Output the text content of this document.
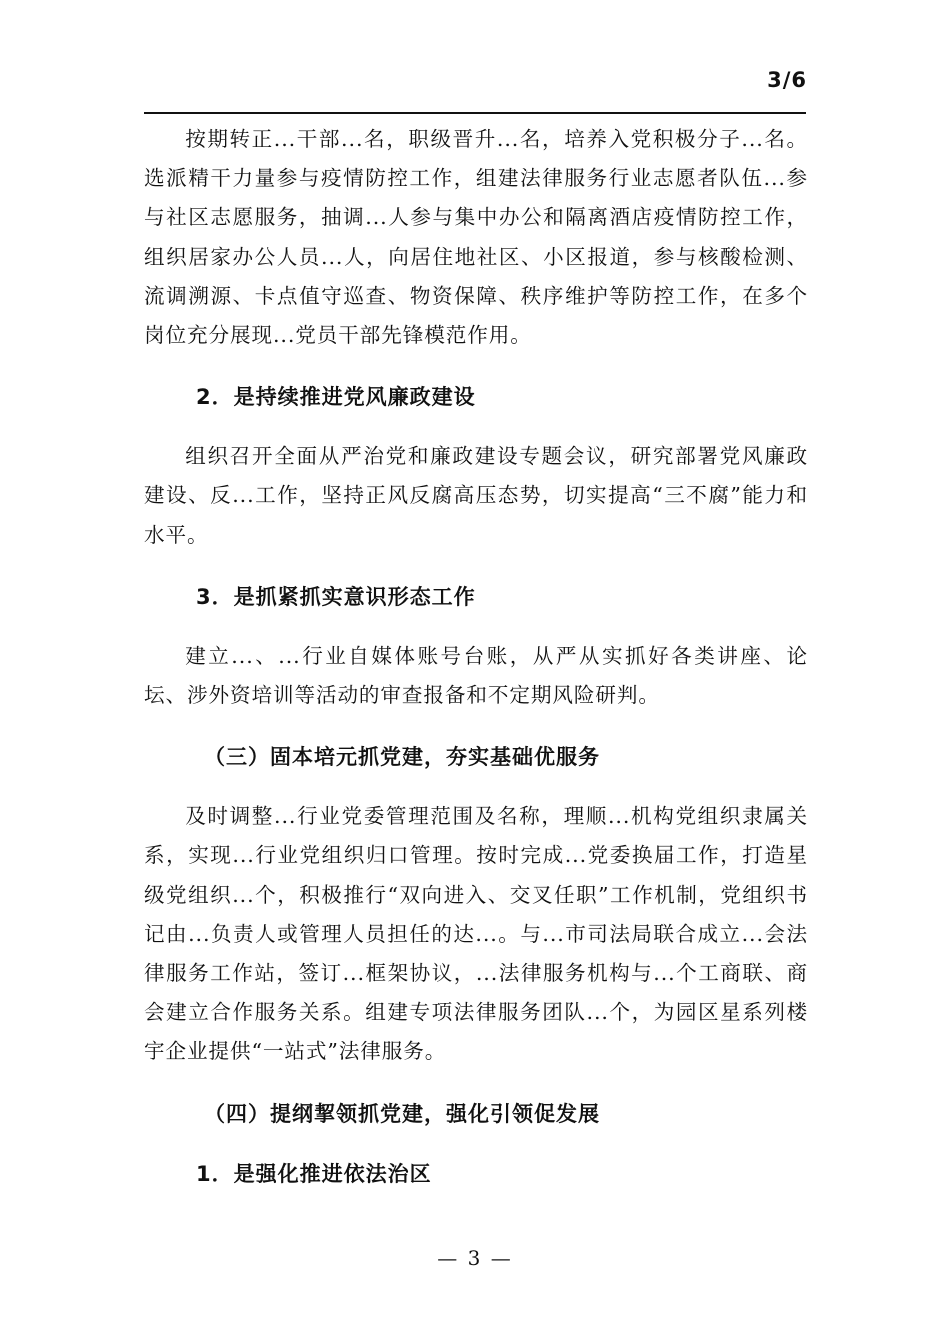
3/6

按期转正...干部...名，职级晋升...名，培养入党积极分子...名。选派精干力量参与疫情防控工作，组建法律服务行业志愿者队伍...参与社区志愿服务，抽调...人参与集中办公和隔离酒店疫情防控工作，组织居家办公人员...人，向居住地社区、小区报道，参与核酸检测、流调溯源、卡点值守巡查、物资保障、秩序维护等防控工作，在多个岗位充分展现...党员干部先锋模范作用。

2．是持续推进党风廉政建设

组织召开全面从严治党和廉政建设专题会议，研究部署党风廉政建设、反...工作，坚持正风反腐高压态势，切实提高“三不腐”能力和水平。

3．是抓紧抓实意识形态工作

建立...、...行业自媒体账号台账，从严从实抓好各类讲座、论坛、涉外资培训等活动的审查报备和不定期风险研判。

（三）固本培元抓党建，夯实基础优服务

及时调整...行业党委管理范围及名称，理顺...机构党组织隶属关系，实现...行业党组织归口管理。按时完成...党委换届工作，打造星级党组织...个，积极推行“双向进入、交叉任职”工作机制，党组织书记由...负责人或管理人员担任的达...。与...市司法局联合成立...会法律服务工作站，签订...框架协议，...法律服务机构与...个工商联、商会建立合作服务关系。组建专项法律服务团队...个，为园区星系列楼宇企业提供“一站式”法律服务。

（四）提纲挈领抓党建，强化引领促发展

1．是强化推进依法治区

— 3 —
